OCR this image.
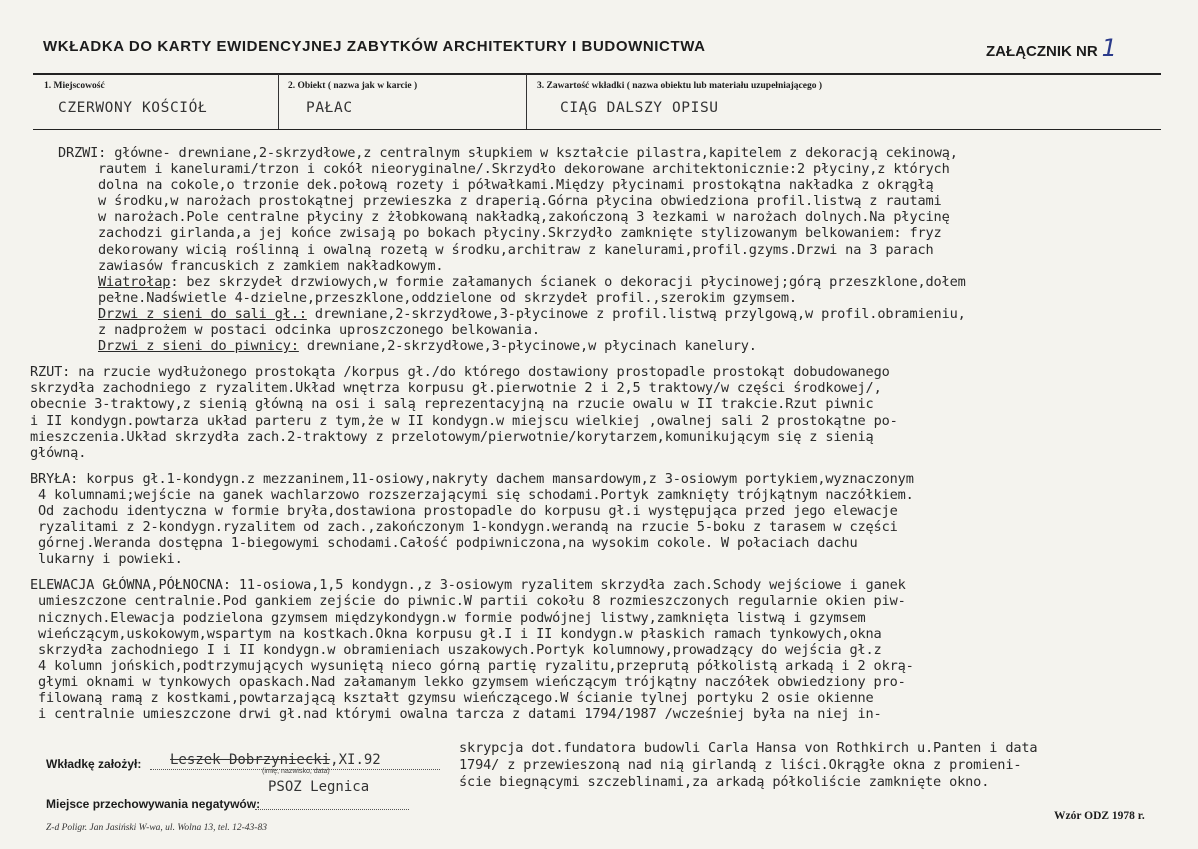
WKŁADKA DO KARTY EWIDENCYJNEJ ZABYTKÓW ARCHITEKTURY I BUDOWNICTWA	ZAŁĄCZNIK NR 1
1. Miejscowość
CZERWONY KOŚCIÓŁ
2. Obiekt ( nazwa jak w karcie )
PAŁAC
3. Zawartość wkładki ( nazwa obiektu lub materiału uzupełniającego )
CIĄG DALSZY OPISU
DRZWI: główne- drewniane,2-skrzydłowe,z centralnym słupkiem w kształcie pilastra,kapitelem z dekoracją cekinową,
rautem i kanelurami/trzon i cokół nieoryginalne/.Skrzydło dekorowane architektonicznie:2 płyciny,z których
dolna na cokole,o trzonie dek.połową rozety i półwałkami.Między płycinami prostokątna nakładka z okrągłą
w środku,w narożach prostokątnej przewieszka z draperią.Górna płycina obwiedziona profil.listwą z rautami
w narożach.Pole centralne płyciny z żłobkowaną nakładką,zakończoną 3 łezkami w narożach dolnych.Na płycinę
zachodzi girlanda,a jej końce zwisają po bokach płyciny.Skrzydło zamknięte stylizowanym belkowaniem: fryz
dekorowany wicią roślinną i owalną rozetą w środku,architraw z kanelurami,profil.gzyms.Drzwi na 3 parach
zawiasów francuskich z zamkiem nakładkowym.
Wiatrołap: bez skrzydeł drzwiowych,w formie załamanych ścianek o dekoracji płycinowej;górą przeszklone,dołem
pełne.Nadświetle 4-dzielne,przeszklone,oddzielone od skrzydeł profil.,szerokim gzymsem.
Drzwi z sieni do sali gł.: drewniane,2-skrzydłowe,3-płycinowe z profil.listwą przylgową,w profil.obramieniu,
z nadprożem w postaci odcinka uproszczonego belkowania.
Drzwi z sieni do piwnicy: drewniane,2-skrzydłowe,3-płycinowe,w płycinach kanelury.
RZUT: na rzucie wydłużonego prostokąta /korpus gł./do którego dostawiony prostopadle prostokąt dobudowanego
skrzydła zachodniego z ryzalitem.Układ wnętrza korpusu gł.pierwotnie 2 i 2,5 traktowy/w części środkowej/,
obecnie 3-traktowy,z sienią główną na osi i salą reprezentacyjną na rzucie owalu w II trakcie.Rzut piwnic
i II kondygn.powtarza układ parteru z tym,że w II kondygn.w miejscu wielkiej ,owalnej sali 2 prostokątne po-
mieszczenia.Układ skrzydła zach.2-traktowy z przelotowym/pierwotnie/korytarzem,komunikującym się z sienią
główną.
BRYŁA: korpus gł.1-kondygn.z mezzaninem,11-osiowy,nakryty dachem mansardowym,z 3-osiowym portykiem,wyznaczonym
4 kolumnami;wejście na ganek wachlarzowo rozszerzającymi się schodami.Portyk zamknięty trójkątnym naczółkiem.
Od zachodu identyczna w formie bryła,dostawiona prostopadle do korpusu gł.i występująca przed jego elewacje
ryzalitami z 2-kondygn.ryzalitem od zach.,zakończonym 1-kondygn.werandą na rzucie 5-boku z tarasem w części
górnej.Weranda dostępna 1-biegowymi schodami.Całość podpiwniczona,na wysokim cokole. W połaciach dachu
lukarny i powieki.
ELEWACJA GŁÓWNA,PÓŁNOCNA: 11-osiowa,1,5 kondygn.,z 3-osiowym ryzalitem skrzydła zach.Schody wejściowe i ganek
umieszczone centralnie.Pod gankiem zejście do piwnic.W partii cokołu 8 rozmieszczonych regularnie okien piw-
nicznych.Elewacja podzielona gzymsem międzykondygn.w formie podwójnej listwy,zamknięta listwą i gzymsem
wieńczącym,uskokowym,wspartym na kostkach.Okna korpusu gł.I i II kondygn.w płaskich ramach tynkowych,okna
skrzydła zachodniego I i II kondygn.w obramieniach uszakowych.Portyk kolumnowy,prowadzący do wejścia gł.z
4 kolumn jońskich,podtrzymujących wysuniętą nieco górną partię ryzalitu,przeprutą półkolistą arkadą i 2 okrą-
głymi oknami w tynkowych opaskach.Nad załamanym lekko gzymsem wieńczącym trójkątny naczółek obwiedziony pro-
filowaną ramą z kostkami,powtarzającą kształt gzymsu wieńczącego.W ścianie tylnej portyku 2 osie okienne
i centralnie umieszczone drwi gł.nad którymi owalna tarcza z datami 1794/1987 /wcześniej była na niej in-
skrypcja dot.fundatora budowli Carla Hansa von Rothkirch u.Panten i data
1794/ z przewieszoną nad nią girlandą z liści.Okrągłe okna z promieni-
ście biegnącymi szczeblinami,za arkadą półkoliście zamknięte okno.
Wkładkę założył: Leszek Dobrzyniecki,XI.92
(imię, nazwisko, data)
PSOZ Legnica
Miejsce przechowywania negatywów:
Z-d Poligr. Jan Jasiński W-wa, ul. Wolna 13, tel. 12-43-83
Wzór ODZ 1978 r.
